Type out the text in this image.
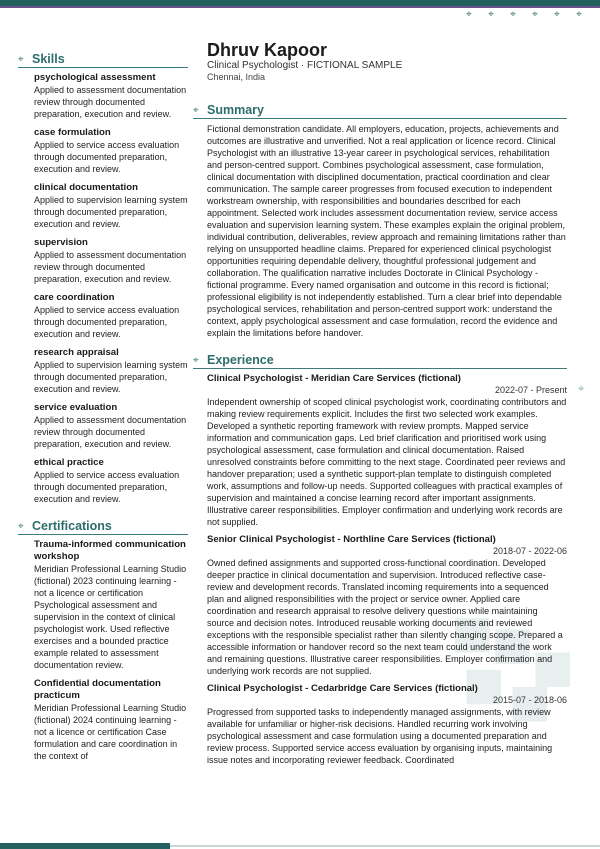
⌖	⌖	⌖	⌖	⌖	⌖
⌖
⌖ Skills
psychological assessment
Applied to assessment documentation review through documented preparation, execution and review.
case formulation
Applied to service access evaluation through documented preparation, execution and review.
clinical documentation
Applied to supervision learning system through documented preparation, execution and review.
supervision
Applied to assessment documentation review through documented preparation, execution and review.
care coordination
Applied to service access evaluation through documented preparation, execution and review.
research appraisal
Applied to supervision learning system through documented preparation, execution and review.
service evaluation
Applied to assessment documentation review through documented preparation, execution and review.
ethical practice
Applied to service access evaluation through documented preparation, execution and review.
⌖ Certifications
Trauma-informed communication workshop
Meridian Professional Learning Studio (fictional) 2023 continuing learning - not a licence or certification Psychological assessment and supervision in the context of clinical psychologist work. Used reflective exercises and a bounded practice example related to assessment documentation review.
Confidential documentation practicum
Meridian Professional Learning Studio (fictional) 2024 continuing learning - not a licence or certification Case formulation and care coordination in the context of
Dhruv Kapoor
Clinical Psychologist · FICTIONAL SAMPLE
Chennai, India
⌖ Summary
Fictional demonstration candidate. All employers, education, projects, achievements and outcomes are illustrative and unverified. Not a real application or licence record. Clinical Psychologist with an illustrative 13-year career in psychological services, rehabilitation and person-centred support. Combines psychological assessment, case formulation, clinical documentation with disciplined documentation, practical coordination and clear communication. The sample career progresses from focused execution to independent workstream ownership, with responsibilities and boundaries described for each appointment. Selected work includes assessment documentation review, service access evaluation and supervision learning system. These examples explain the original problem, individual contribution, deliverables, review approach and remaining limitations rather than relying on unsupported headline claims. Prepared for experienced clinical psychologist opportunities requiring dependable delivery, thoughtful professional judgement and collaboration. The qualification narrative includes Doctorate in Clinical Psychology - fictional programme. Every named organisation and outcome in this record is fictional; professional eligibility is not independently established. Turn a clear brief into dependable psychological services, rehabilitation and person-centred support work: understand the context, apply psychological assessment and case formulation, record the evidence and explain the limitations before handover.
⌖ Experience
Clinical Psychologist - Meridian Care Services (fictional)
2022-07 - Present
Independent ownership of scoped clinical psychologist work, coordinating contributors and making review requirements explicit. Includes the first two selected work examples. Developed a synthetic reporting framework with review prompts. Mapped service information and communication gaps. Led brief clarification and prioritised work using psychological assessment, case formulation and clinical documentation. Raised unresolved constraints before committing to the next stage. Coordinated peer reviews and handover preparation; used a synthetic support-plan template to distinguish completed work, assumptions and follow-up needs. Supported colleagues with practical examples of supervision and maintained a concise learning record after important assignments. Illustrative career responsibilities. Employer confirmation and underlying work records are not supplied.
Senior Clinical Psychologist - Northline Care Services (fictional)
2018-07 - 2022-06
Owned defined assignments and supported cross-functional coordination. Developed deeper practice in clinical documentation and supervision. Introduced reflective case-review and development records. Translated incoming requirements into a sequenced plan and aligned responsibilities with the project or service owner. Applied care coordination and research appraisal to resolve delivery questions while maintaining source and decision notes. Introduced reusable working documents and reviewed exceptions with the responsible specialist rather than silently changing scope. Prepared a accessible information or handover record so the next team could understand the work and remaining questions. Illustrative career responsibilities. Employer confirmation and underlying work records are not supplied.
Clinical Psychologist - Cedarbridge Care Services (fictional)
2015-07 - 2018-06
Progressed from supported tasks to independently managed assignments, with review available for unfamiliar or higher-risk decisions. Handled recurring work involving psychological assessment and case formulation using a documented preparation and review process. Supported service access evaluation by organising inputs, maintaining issue notes and incorporating reviewer feedback. Coordinated
